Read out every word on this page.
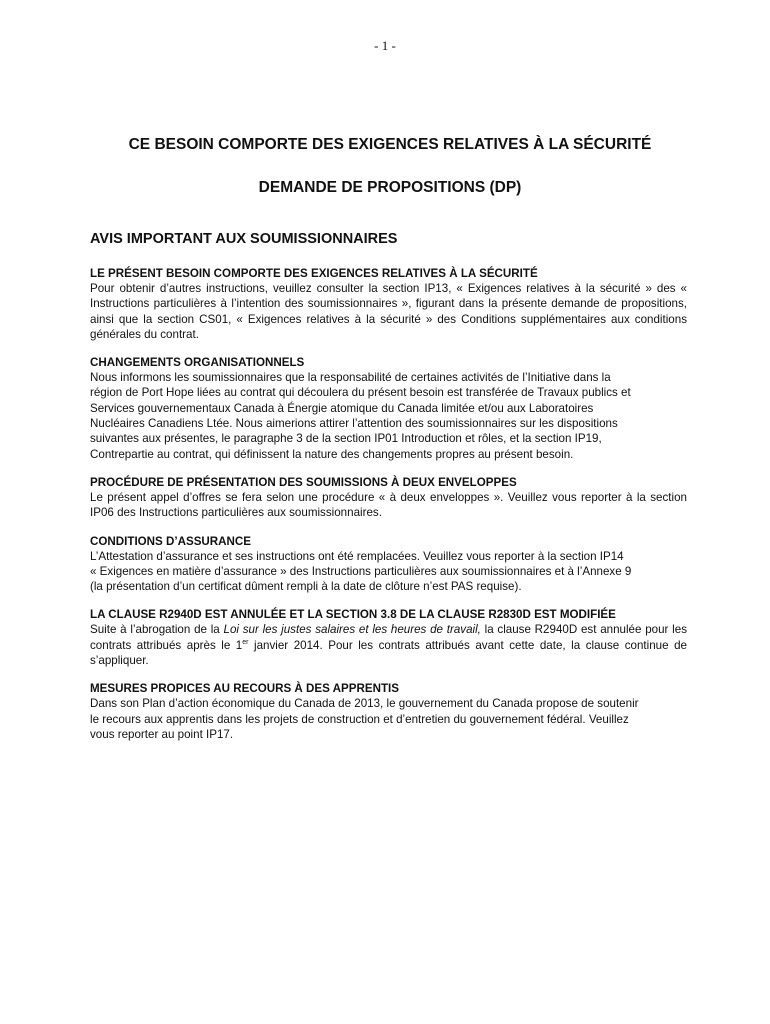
- 1 -
CE BESOIN COMPORTE DES EXIGENCES RELATIVES À LA SÉCURITÉ
DEMANDE DE PROPOSITIONS (DP)
AVIS IMPORTANT AUX SOUMISSIONNAIRES
LE PRÉSENT BESOIN COMPORTE DES EXIGENCES RELATIVES À LA SÉCURITÉ

Pour obtenir d’autres instructions, veuillez consulter la section IP13, « Exigences relatives à la sécurité » des « Instructions particulières à l’intention des soumissionnaires », figurant dans la présente demande de propositions, ainsi que la section CS01, « Exigences relatives à la sécurité » des Conditions supplémentaires aux conditions générales du contrat.

CHANGEMENTS ORGANISATIONNELS

Nous informons les soumissionnaires que la responsabilité de certaines activités de l’Initiative dans la
région de Port Hope liées au contrat qui découlera du présent besoin est transférée de Travaux publics et
Services gouvernementaux Canada à Énergie atomique du Canada limitée et/ou aux Laboratoires
Nucléaires Canadiens Ltée. Nous aimerions attirer l’attention des soumissionnaires sur les dispositions
suivantes aux présentes, le paragraphe 3 de la section IP01 Introduction et rôles, et la section IP19,
Contrepartie au contrat, qui définissent la nature des changements propres au présent besoin.

PROCÉDURE DE PRÉSENTATION DES SOUMISSIONS À DEUX ENVELOPPES

Le présent appel d’offres se fera selon une procédure « à deux enveloppes ». Veuillez vous reporter à la section IP06 des Instructions particulières aux soumissionnaires.

CONDITIONS D’ASSURANCE

L’Attestation d’assurance et ses instructions ont été remplacées. Veuillez vous reporter à la section IP14
« Exigences en matière d’assurance » des Instructions particulières aux soumissionnaires et à l’Annexe 9
(la présentation d’un certificat dûment rempli à la date de clôture n’est PAS requise).

LA CLAUSE R2940D EST ANNULÉE ET LA SECTION 3.8 DE LA CLAUSE R2830D EST MODIFIÉE

Suite à l’abrogation de la Loi sur les justes salaires et les heures de travail, la clause R2940D est annulée pour les contrats attribués après le 1er janvier 2014. Pour les contrats attribués avant cette date, la clause continue de s’appliquer.

MESURES PROPICES AU RECOURS À DES APPRENTIS

Dans son Plan d’action économique du Canada de 2013, le gouvernement du Canada propose de soutenir
le recours aux apprentis dans les projets de construction et d’entretien du gouvernement fédéral. Veuillez
vous reporter au point IP17.
